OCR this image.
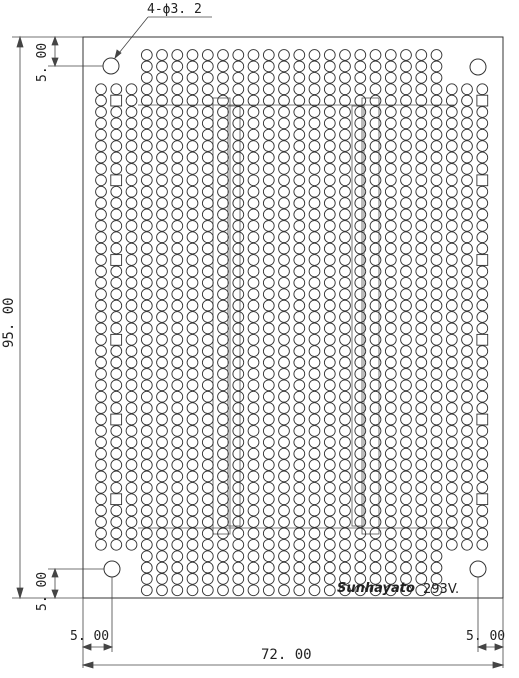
Sunhayato 293V.
4-ϕ3. 2
95. 00
5. 00
5. 00
72. 00
5. 00	5. 00
